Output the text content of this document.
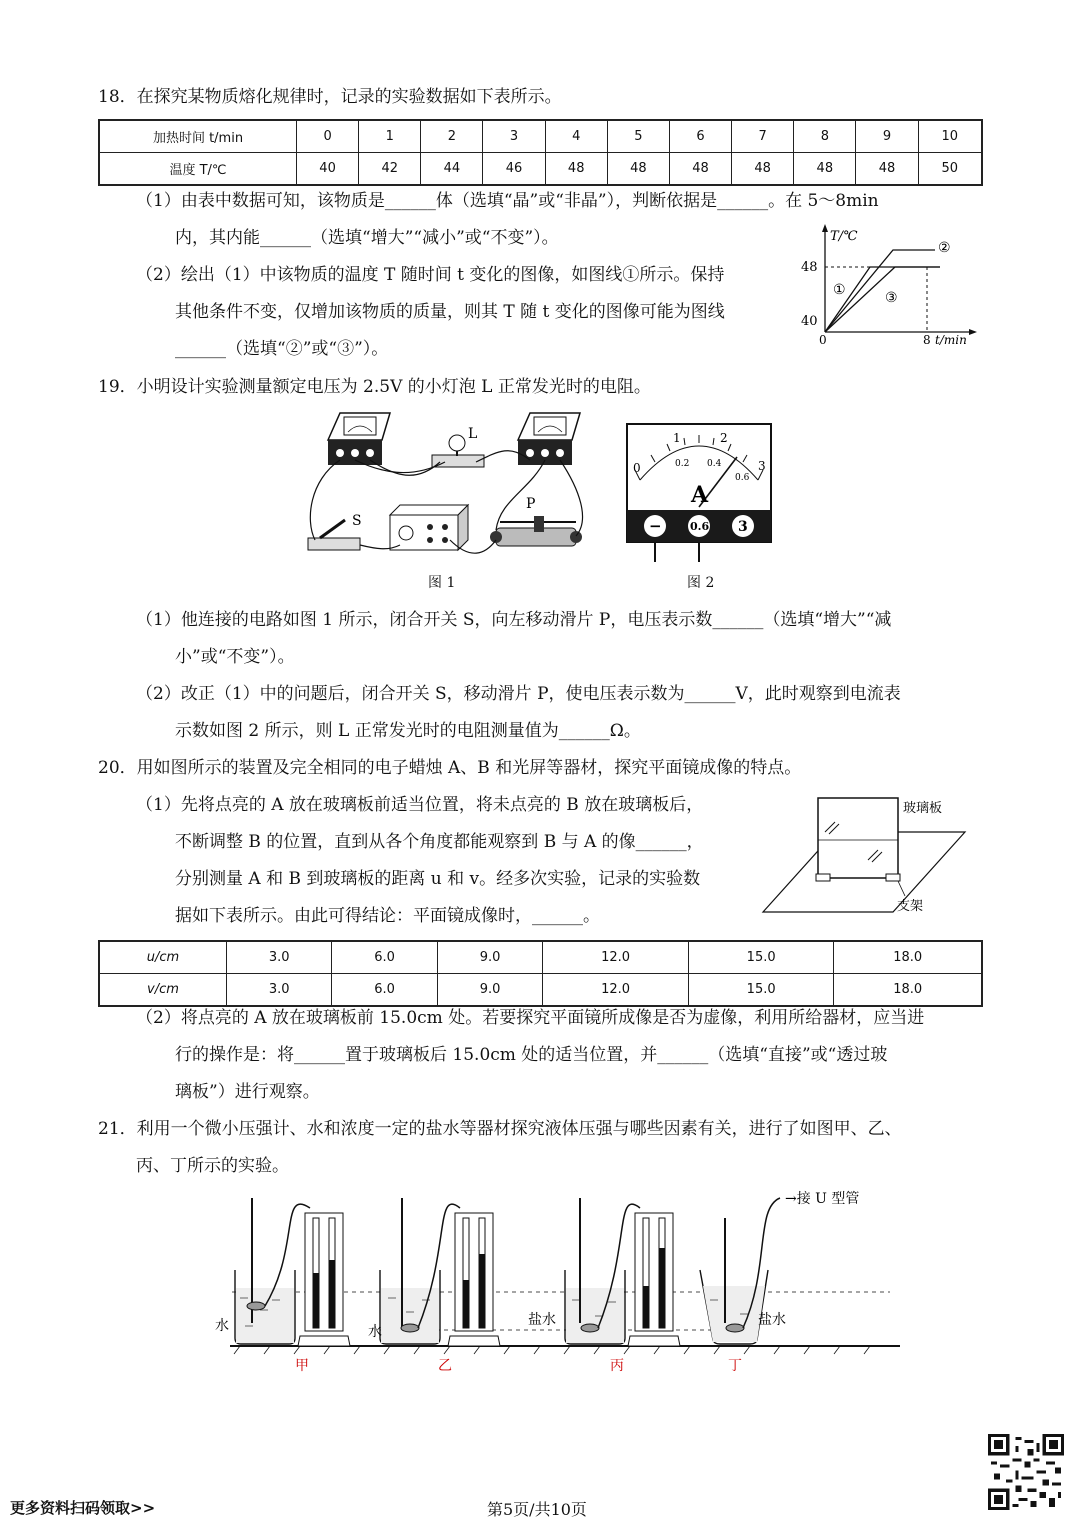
18．在探究某物质熔化规律时，记录的实验数据如下表所示。
加热时间 t/min	0	1	2	3	4	5	6	7	8	9	10
温度 T/℃	40	42	44	46	48	48	48	48	48	48	50
（1）由表中数据可知，该物质是______体（选填“晶”或“非晶”），判断依据是______。在 5～8min
内，其内能______（选填“增大”“减小”或“不变”）。
（2）绘出（1）中该物质的温度 T 随时间 t 变化的图像，如图线①所示。保持
其他条件不变，仅增加该物质的质量，则其 T 随 t 变化的图像可能为图线
______（选填“②”或“③”）。
T/℃
48
40
0	8 t/min
①
②
③
19．小明设计实验测量额定电压为 2.5V 的小灯泡 L 正常发光时的电阻。
L
S
P
图 1
0
1	2
3
0.2 0.4
0.6
A
−	0.6 3
图 2
（1）他连接的电路如图 1 所示，闭合开关 S，向左移动滑片 P，电压表示数______（选填“增大”“减
小”或“不变”）。
（2）改正（1）中的问题后，闭合开关 S，移动滑片 P，使电压表示数为______V，此时观察到电流表
示数如图 2 所示，则 L 正常发光时的电阻测量值为______Ω。
20．用如图所示的装置及完全相同的电子蜡烛 A、B 和光屏等器材，探究平面镜成像的特点。
（1）先将点亮的 A 放在玻璃板前适当位置，将未点亮的 B 放在玻璃板后，
不断调整 B 的位置，直到从各个角度都能观察到 B 与 A 的像______，
分别测量 A 和 B 到玻璃板的距离 u 和 v。经多次实验，记录的实验数
据如下表所示。由此可得结论：平面镜成像时，______。
玻璃板
支架
u/cm	3.0	6.0	9.0	12.0	15.0	18.0
v/cm	3.0	6.0	9.0	12.0	15.0	18.0
（2）将点亮的 A 放在玻璃板前 15.0cm 处。若要探究平面镜所成像是否为虚像，利用所给器材，应当进
行的操作是：将______置于玻璃板后 15.0cm 处的适当位置，并______（选填“直接”或“透过玻
璃板”）进行观察。
21．利用一个微小压强计、水和浓度一定的盐水等器材探究液体压强与哪些因素有关，进行了如图甲、乙、
丙、丁所示的实验。
水
甲
水
乙
盐水
丙
→接 U 型管
盐水
丁
更多资料扫码领取>>	第5页/共10页
